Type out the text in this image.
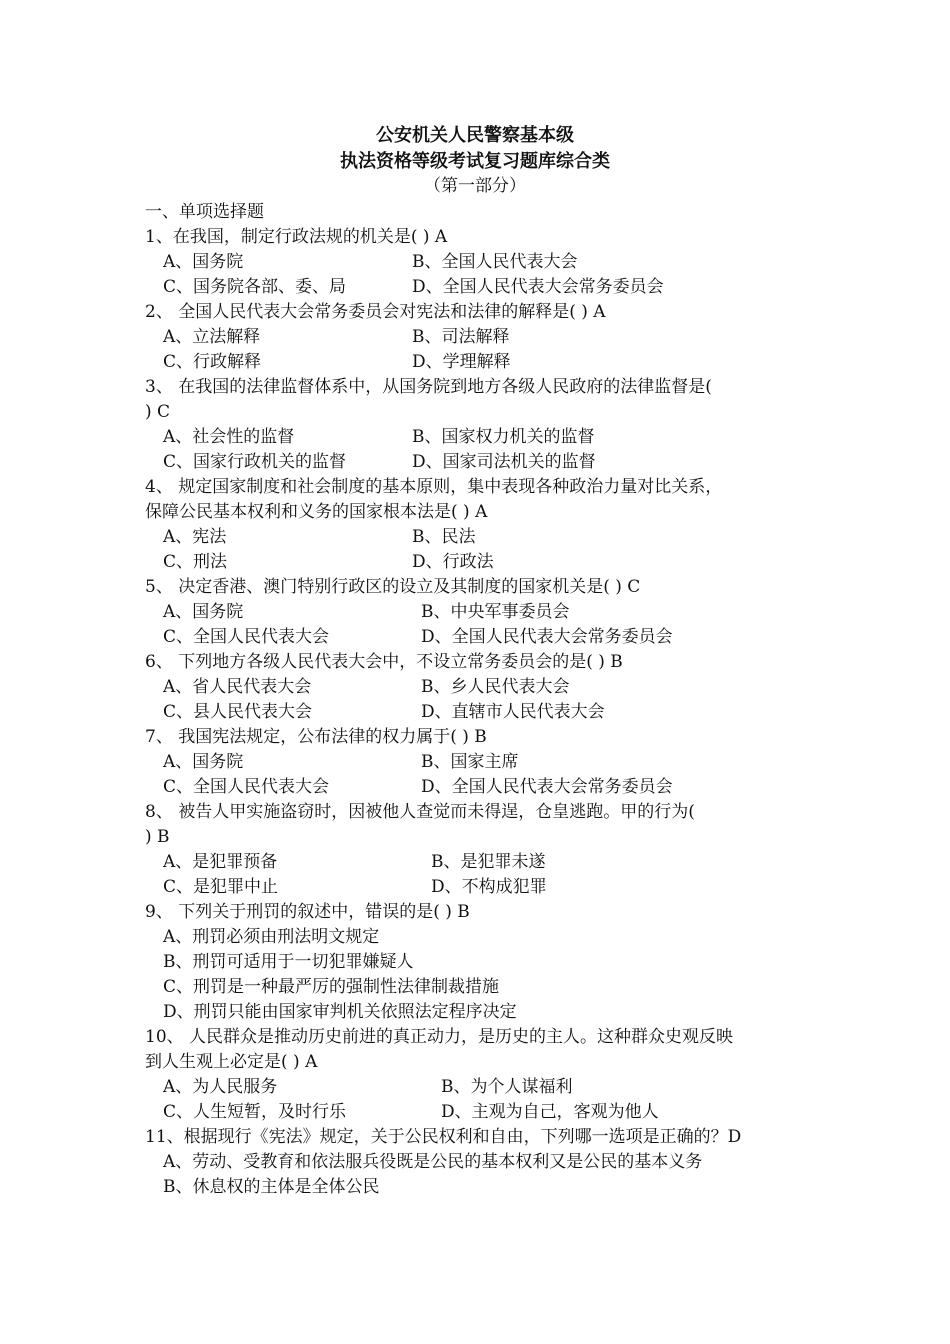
公安机关人民警察基本级
执法资格等级考试复习题库综合类
（第一部分）
一、单项选择题
1、在我国，制定行政法规的机关是( ) A
A、国务院	B、全国人民代表大会
C、国务院各部、委、局	D、全国人民代表大会常务委员会
2、 全国人民代表大会常务委员会对宪法和法律的解释是( ) A
A、立法解释	B、司法解释
C、行政解释	D、学理解释
3、 在我国的法律监督体系中，从国务院到地方各级人民政府的法律监督是(
) C
A、社会性的监督	B、国家权力机关的监督
C、国家行政机关的监督	D、国家司法机关的监督
4、 规定国家制度和社会制度的基本原则，集中表现各种政治力量对比关系，
保障公民基本权利和义务的国家根本法是( ) A
A、宪法	B、民法
C、刑法	D、行政法
5、 决定香港、澳门特别行政区的设立及其制度的国家机关是( ) C
A、国务院	B、中央军事委员会
C、全国人民代表大会	D、全国人民代表大会常务委员会
6、 下列地方各级人民代表大会中，不设立常务委员会的是( ) B
A、省人民代表大会	B、乡人民代表大会
C、县人民代表大会	D、直辖市人民代表大会
7、 我国宪法规定，公布法律的权力属于( ) B
A、国务院	B、国家主席
C、全国人民代表大会	D、全国人民代表大会常务委员会
8、 被告人甲实施盗窃时，因被他人查觉而未得逞，仓皇逃跑。甲的行为(
) B
A、是犯罪预备	B、是犯罪未遂
C、是犯罪中止	D、不构成犯罪
9、 下列关于刑罚的叙述中，错误的是( ) B
A、刑罚必须由刑法明文规定
B、刑罚可适用于一切犯罪嫌疑人
C、刑罚是一种最严厉的强制性法律制裁措施
D、刑罚只能由国家审判机关依照法定程序决定
10、 人民群众是推动历史前进的真正动力，是历史的主人。这种群众史观反映
到人生观上必定是( ) A
A、为人民服务	B、为个人谋福利
C、人生短暂，及时行乐	D、主观为自己，客观为他人
11、根据现行《宪法》规定，关于公民权利和自由，下列哪一选项是正确的？D
A、劳动、受教育和依法服兵役既是公民的基本权利又是公民的基本义务
B、休息权的主体是全体公民
